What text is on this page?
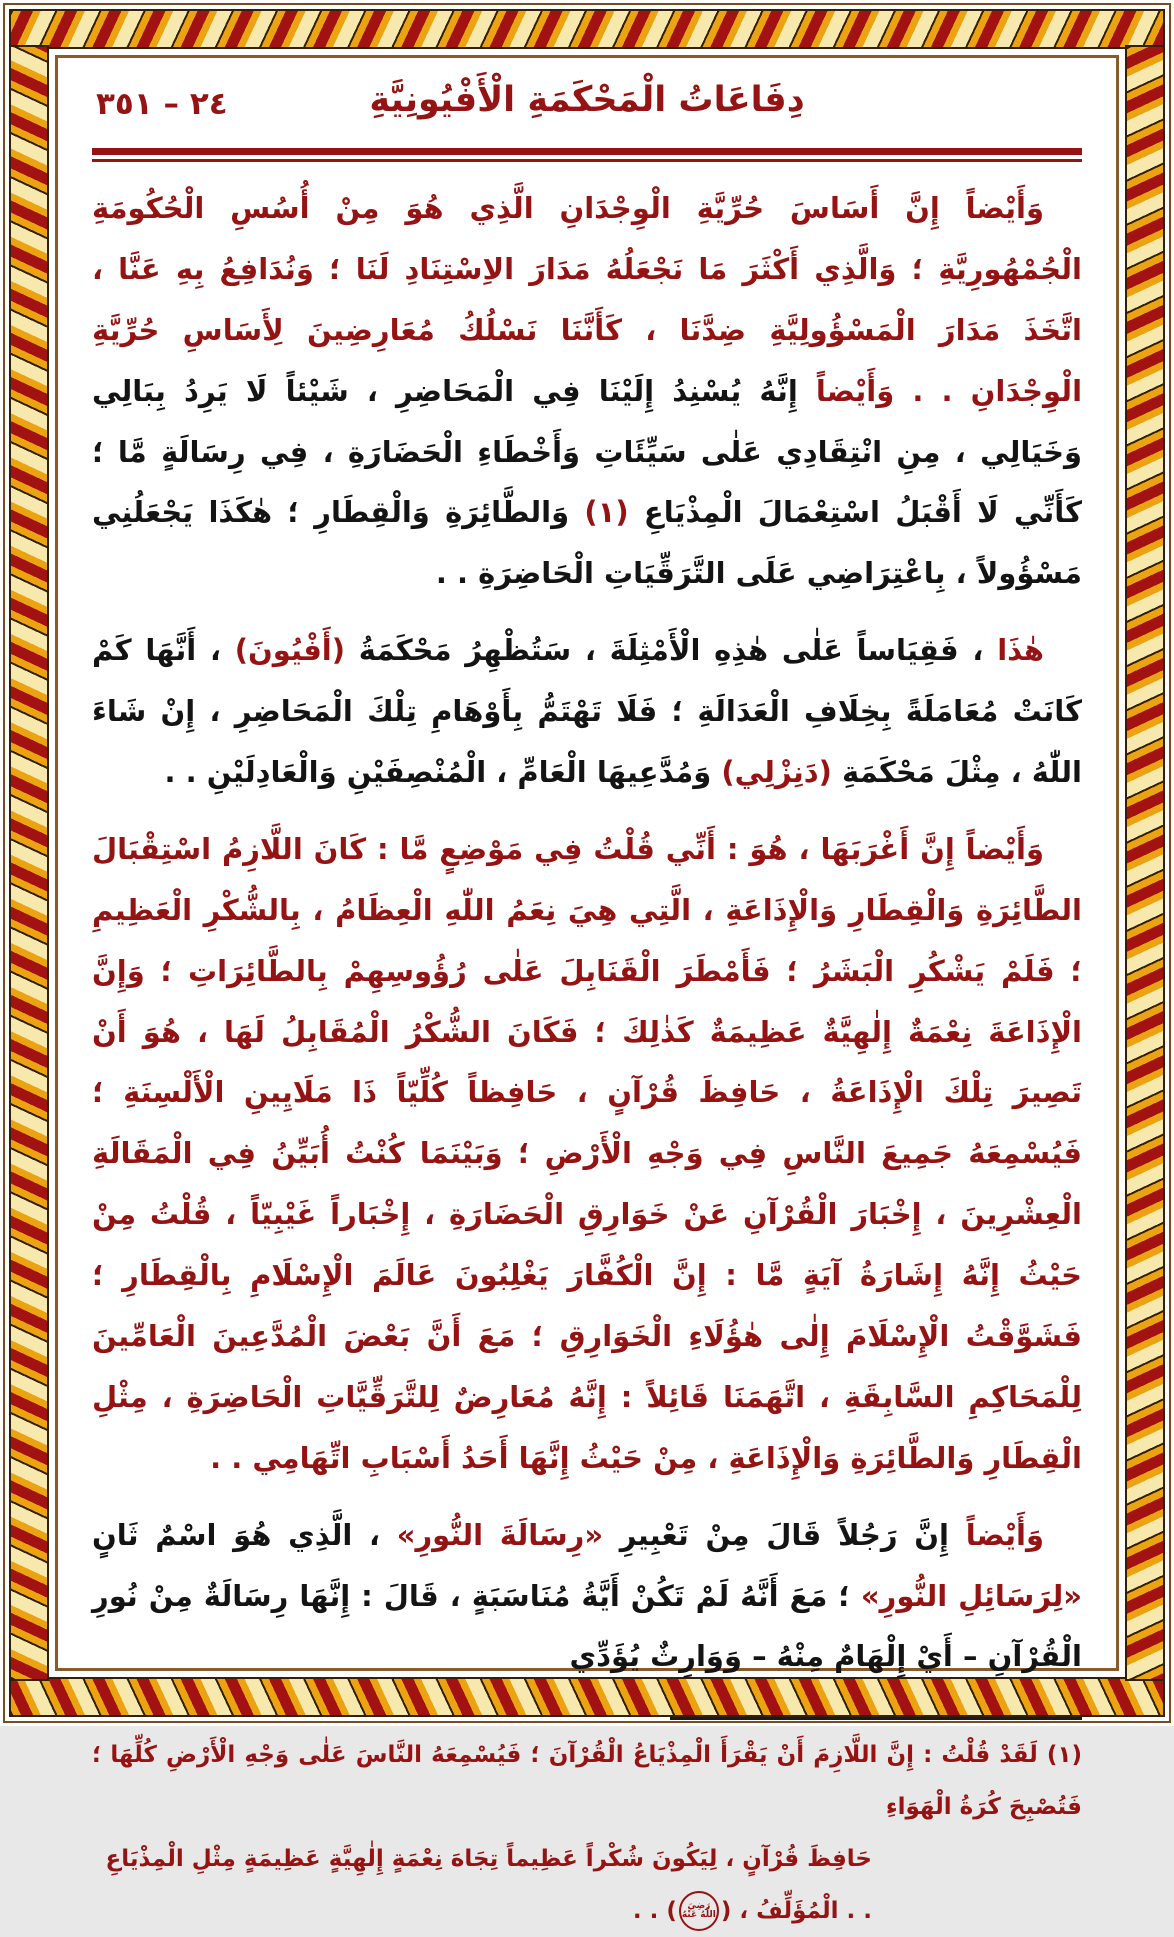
٢٤ – ٣٥١	دِفَاعَاتُ الْمَحْكَمَةِ الْأَفْيُونِيَّةِ

وَأَيْضاً إِنَّ أَسَاسَ حُرِّيَّةِ الْوِجْدَانِ الَّذِي هُوَ مِنْ أُسُسِ الْحُكُومَةِ الْجُمْهُورِيَّةِ ؛ وَالَّذِي أَكْثَرَ مَا نَجْعَلُهُ مَدَارَ الاِسْتِنَادِ لَنَا ؛ وَنُدَافِعُ بِهِ عَنَّا ، اتَّخَذَ مَدَارَ الْمَسْؤُولِيَّةِ ضِدَّنَا ، كَأَنَّنَا نَسْلُكُ مُعَارِضِينَ لِأَسَاسِ حُرِّيَّةِ الْوِجْدَانِ . . وَأَيْضاً إِنَّهُ يُسْنِدُ إِلَيْنَا فِي الْمَحَاضِرِ ، شَيْئاً لَا يَرِدُ بِبَالِي وَخَيَالِي ، مِنِ انْتِقَادِي عَلٰى سَيِّئَاتِ وَأَخْطَاءِ الْحَضَارَةِ ، فِي رِسَالَةٍ مَّا ؛ كَأَنِّي لَا أَقْبَلُ اسْتِعْمَالَ الْمِذْيَاعِ (١) وَالطَّائِرَةِ وَالْقِطَارِ ؛ هٰكَذَا يَجْعَلُنِي مَسْؤُولاً ، بِاعْتِرَاضِي عَلَى التَّرَقِّيَاتِ الْحَاضِرَةِ . .

هٰذَا ، فَقِيَاساً عَلٰى هٰذِهِ الْأَمْثِلَةَ ، سَتُظْهِرُ مَحْكَمَةُ (أَفْيُونَ) ، أَنَّهَا كَمْ كَانَتْ مُعَامَلَةً بِخِلَافِ الْعَدَالَةِ ؛ فَلَا تَهْتَمُّ بِأَوْهَامِ تِلْكَ الْمَحَاضِرِ ، إِنْ شَاءَ اللّٰهُ ، مِثْلَ مَحْكَمَةِ (دَنِزْلِي) وَمُدَّعِيهَا الْعَامِّ ، الْمُنْصِفَيْنِ وَالْعَادِلَيْنِ . .

وَأَيْضاً إِنَّ أَغْرَبَهَا ، هُوَ : أَنِّي قُلْتُ فِي مَوْضِعٍ مَّا : كَانَ اللَّازِمُ اسْتِقْبَالَ الطَّائِرَةِ وَالْقِطَارِ وَالْإِذَاعَةِ ، الَّتِي هِيَ نِعَمُ اللّٰهِ الْعِظَامُ ، بِالشُّكْرِ الْعَظِيمِ ؛ فَلَمْ يَشْكُرِ الْبَشَرُ ؛ فَأَمْطَرَ الْقَنَابِلَ عَلٰى رُؤُوسِهِمْ بِالطَّائِرَاتِ ؛ وَإِنَّ الْإِذَاعَةَ نِعْمَةٌ إِلٰهِيَّةٌ عَظِيمَةٌ كَذٰلِكَ ؛ فَكَانَ الشُّكْرُ الْمُقَابِلُ لَهَا ، هُوَ أَنْ تَصِيرَ تِلْكَ الْإِذَاعَةُ ، حَافِظَ قُرْآنٍ ، حَافِظاً كُلِّيّاً ذَا مَلَايِينِ الْأَلْسِنَةِ ؛ فَيُسْمِعَهُ جَمِيعَ النَّاسِ فِي وَجْهِ الْأَرْضِ ؛ وَبَيْنَمَا كُنْتُ أُبَيِّنُ فِي الْمَقَالَةِ الْعِشْرِينَ ، إِخْبَارَ الْقُرْآنِ عَنْ خَوَارِقِ الْحَضَارَةِ ، إِخْبَاراً غَيْبِيّاً ، قُلْتُ مِنْ حَيْثُ إِنَّهُ إِشَارَةُ آيَةٍ مَّا : إِنَّ الْكُفَّارَ يَغْلِبُونَ عَالَمَ الْإِسْلَامِ بِالْقِطَارِ ؛ فَشَوَّقْتُ الْإِسْلَامَ إِلٰى هٰؤُلَاءِ الْخَوَارِقِ ؛ مَعَ أَنَّ بَعْضَ الْمُدَّعِينَ الْعَامِّينَ لِلْمَحَاكِمِ السَّابِقَةِ ، اتَّهَمَنَا قَائِلاً : إِنَّهُ مُعَارِضٌ لِلتَّرَقِّيَّاتِ الْحَاضِرَةِ ، مِثْلِ الْقِطَارِ وَالطَّائِرَةِ وَالْإِذَاعَةِ ، مِنْ حَيْثُ إِنَّهَا أَحَدُ أَسْبَابِ اتِّهَامِي . .

وَأَيْضاً إِنَّ رَجُلاً قَالَ مِنْ تَعْبِيرِ «رِسَالَةَ النُّورِ» ، الَّذِي هُوَ اسْمٌ ثَانٍ «لِرَسَائِلِ النُّورِ» ؛ مَعَ أَنَّهُ لَمْ تَكُنْ أَيَّةُ مُنَاسَبَةٍ ، قَالَ : إِنَّهَا رِسَالَةٌ مِنْ نُورِ الْقُرْآنِ – أَيْ إِلْهَامٌ مِنْهُ – وَوَارِثٌ يُؤَدِّي

(١) لَقَدْ قُلْتُ : إِنَّ اللَّازِمَ أَنْ يَقْرَأَ الْمِذْيَاعُ الْقُرْآنَ ؛ فَيُسْمِعَهُ النَّاسَ عَلٰى وَجْهِ الْأَرْضِ كُلِّهَا ؛ فَتُصْبِحَ كُرَةُ الْهَوَاءِ
حَافِظَ قُرْآنٍ ، لِيَكُونَ شُكْراً عَظِيماً تِجَاهَ نِعْمَةٍ إِلٰهِيَّةٍ عَظِيمَةٍ مِثْلِ الْمِذْيَاعِ . . الْمُؤَلِّفُ ، (رَضِيَ اللّٰهُ عَنْهُ) . .
